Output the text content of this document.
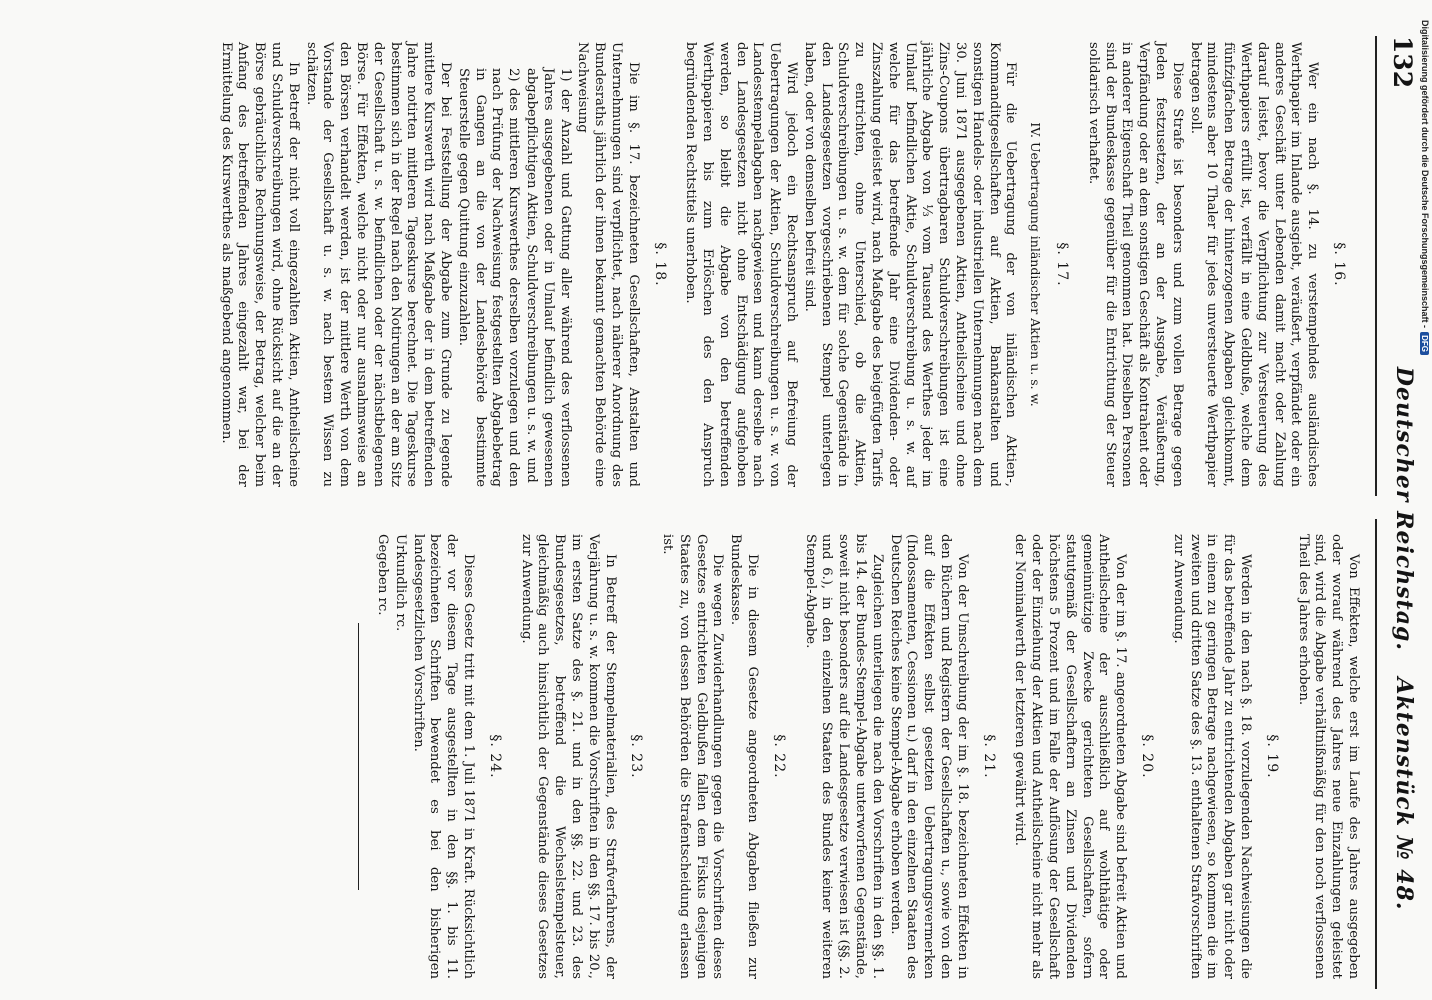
132
Deutscher Reichstag.
Aktenstück № 48.
§. 16.

Wer ein nach §. 14. zu verstempelndes ausländisches Werthpapier im Inlande ausgiebt, veräußert, verpfändet oder ein anderes Geschäft unter Lebenden damit macht oder Zahlung darauf leistet, bevor die Verpflichtung zur Versteuerung des Werthpapiers erfüllt ist, verfällt in eine Geldbuße, welche dem fünfzigfachen Betrage der hinterzogenen Abgaben gleichkommt, mindestens aber 10 Thaler für jedes unversteuerte Werthpapier betragen soll.

Diese Strafe ist besonders und zum vollen Betrage gegen Jeden festzusetzen, der an der Ausgabe, Veräußerung, Verpfändung oder an dem sonstigen Geschäft als Kontrahent oder in anderer Eigenschaft Theil genommen hat. Dieselben Personen sind der Bundeskasse gegenüber für die Entrichtung der Steuer solidarisch verhaftet.

§. 17.
IV. Uebertragung inländischer Aktien u. s. w.

Für die Uebertragung der von inländischen Aktien-, Kommanditgesellschaften auf Aktien, Bankanstalten und sonstigen Handels- oder industriellen Unternehmungen nach dem 30. Juni 1871 ausgegebenen Aktien, Antheilscheine und ohne Zins-Coupons übertragbaren Schuldverschreibungen ist eine jährliche Abgabe von ⅓ vom Tausend des Werthes jeder im Umlauf befindlichen Aktie, Schuldverschreibung u. s. w. auf welche für das betreffende Jahr eine Dividenden- oder Zinszahlung geleistet wird, nach Maßgabe des beigefügten Tarifs zu entrichten, ohne Unterschied, ob die Aktien, Schuldverschreibungen u. s. w. dem für solche Gegenstände in den Landesgesetzen vorgeschriebenen Stempel unterlegen haben, oder von demselben befreit sind.

Wird jedoch ein Rechtsanspruch auf Befreiung der Uebertragungen der Aktien, Schuldverschreibungen u. s. w. von Landesstempelabgaben nachgewiesen und kann derselbe nach den Landesgesetzen nicht ohne Entschädigung aufgehoben werden, so bleibt die Abgabe von den betreffenden Werthpapieren bis zum Erlöschen des den Anspruch begründenden Rechtstitels unerhoben.

§. 18.

Die im §. 17. bezeichneten Gesellschaften, Anstalten und Unternehmungen sind verpflichtet, nach näherer Anordnung des Bundesraths jährlich der ihnen bekannt gemachten Behörde eine Nachweisung

1) der Anzahl und Gattung aller während des verflossenen Jahres ausgegebenen oder in Umlauf befindlich gewesenen abgabepflichtigen Aktien, Schuldverschreibungen u. s. w. und

2) des mittleren Kurswerthes derselben vorzulegen und den nach Prüfung der Nachweisung festgestellten Abgabebetrag in Gangen an die von der Landesbehörde bestimmte Steuerstelle gegen Quittung einzuzahlen.

Der bei Feststellung der Abgabe zum Grunde zu legende mittlere Kurswerth wird nach Maßgabe der in dem betreffenden Jahre notirten mittleren Tageskurse berechnet. Die Tageskurse bestimmen sich in der Regel nach den Notirungen an der am Sitz der Gesellschaft u. s. w. befindlichen oder der nächstbelegenen Börse. Für Effekten, welche nicht oder nur ausnahmsweise an den Börsen verhandelt werden, ist der mittlere Werth von dem Vorstande der Gesellschaft u. s. w. nach bestem Wissen zu schätzen.

In Betreff der nicht voll eingezahlten Aktien, Antheilscheine und Schuldverschreibungen wird, ohne Rücksicht auf die an der Börse gebräuchliche Rechnungsweise, der Betrag, welcher beim Anfang des betreffenden Jahres eingezahlt war, bei der Ermittelung des Kurswerthes als maßgebend angenommen.

Von Effekten, welche erst im Laufe des Jahres ausgegeben oder worauf während des Jahres neue Einzahlungen geleistet sind, wird die Abgabe verhältnißmäßig für den noch verflossenen Theil des Jahres erhoben.

§. 19.

Werden in den nach §. 18. vorzulegenden Nachweisungen die für das betreffende Jahr zu entrichtenden Abgaben gar nicht oder in einem zu geringen Betrage nachgewiesen, so kommen die im zweiten und dritten Satze des §. 13. enthaltenen Strafvorschriften zur Anwendung.

§. 20.

Von der im §. 17. angeordneten Abgabe sind befreit Aktien und Antheilscheine der ausschließlich auf wohlthätige oder gemeinnützige Zwecke gerichteten Gesellschaften, sofern statutgemäß der Gesellschaftern an Zinsen und Dividenden höchstens 5 Prozent und im Falle der Auflösung der Gesellschaft oder der Einziehung der Aktien und Antheilscheine nicht mehr als der Nominalwerth der letzteren gewährt wird.

§. 21.

Von der Umschreibung der im §. 18. bezeichneten Effekten in den Büchern und Registern der Gesellschaften u., sowie von den auf die Effekten selbst gesetzten Uebertragungsvermerken (Indossamenten, Cessionen u.) darf in den einzelnen Staaten des Deutschen Reiches keine Stempel-Abgabe erhoben werden.

Zugleichen unterliegen die nach den Vorschriften in den §§. 1. bis 14. der Bundes-Stempel-Abgabe unterworfenen Gegenstände, soweit nicht besonders auf die Landesgesetze verwiesen ist (§§. 2. und 6.), in den einzelnen Staaten des Bundes keiner weiteren Stempel-Abgabe.

§. 22.

Die in diesem Gesetze angeordneten Abgaben fließen zur Bundeskasse.

Die wegen Zuwiderhandlungen gegen die Vorschriften dieses Gesetzes entrichteten Geldbußen fallen dem Fiskus desjenigen Staates zu, von dessen Behörden die Strafentscheidung erlassen ist.

§. 23.

In Betreff der Stempelmaterialien, des Strafverfahrens, der Verjährung u. s. w. kommen die Vorschriften in den §§. 17. bis 20., im ersten Satze des §. 21. und in den §§. 22. und 23. des Bundesgesetzes, betreffend die Wechselstempelsteuer, gleichmäßig auch hinsichtlich der Gegenstände dieses Gesetzes zur Anwendung.

§. 24.

Dieses Gesetz tritt mit dem 1. Juli 1871 in Kraft. Rücksichtlich der vor diesem Tage ausgestellten in den §§. 1. bis 11. bezeichneten Schriften bewendet es bei den bisherigen landesgesetzlichen Vorschriften.

Urkundlich rc.

Gegeben rc.

Digitalisierung gefördert durch die Deutsche Forschungsgemeinschaft -DFG
